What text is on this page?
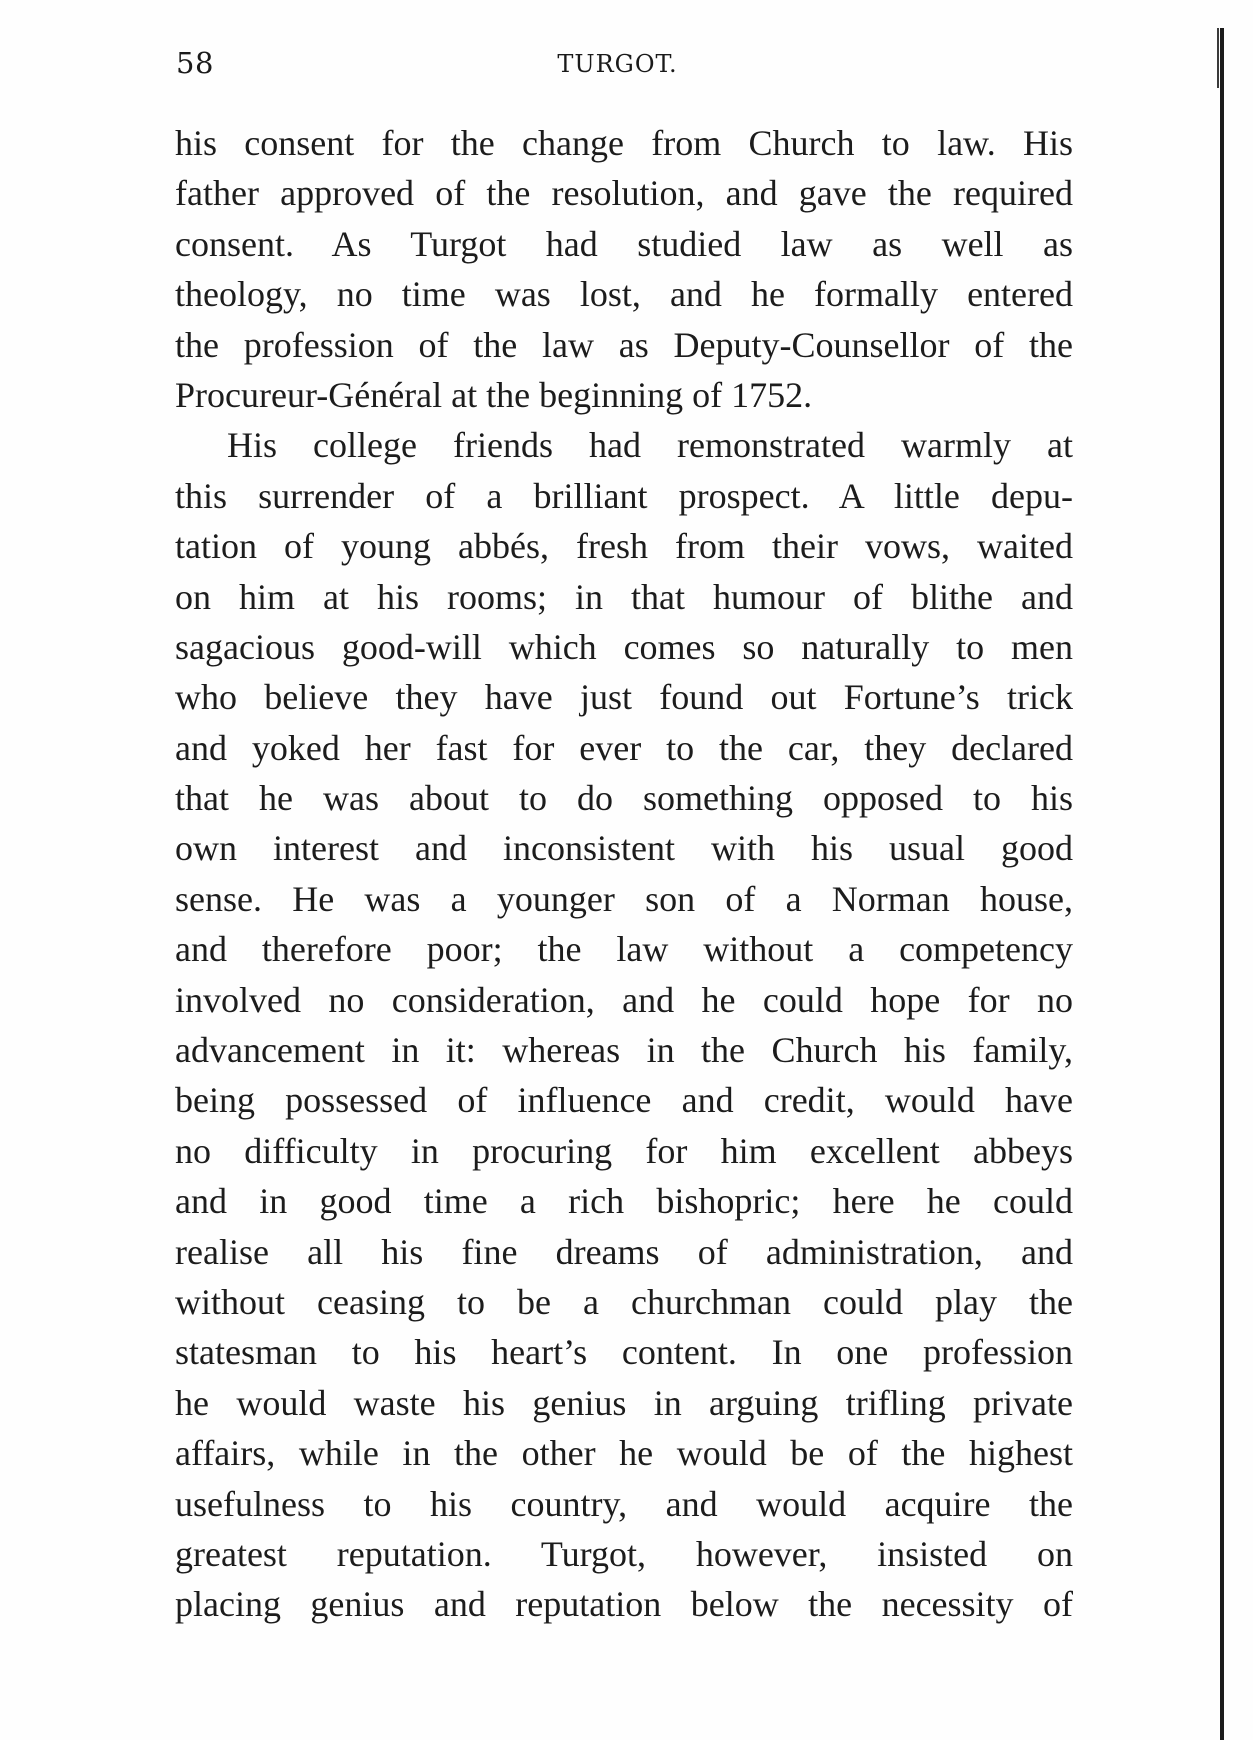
58	TURGOT.
his consent for the change from Church to law. His
father approved of the resolution, and gave the required
consent. As Turgot had studied law as well as
theology, no time was lost, and he formally entered
the profession of the law as Deputy-Counsellor of the
Procureur-Général at the beginning of 1752.
His college friends had remonstrated warmly at
this surrender of a brilliant prospect. A little depu-
tation of young abbés, fresh from their vows, waited
on him at his rooms; in that humour of blithe and
sagacious good-will which comes so naturally to men
who believe they have just found out Fortune’s trick
and yoked her fast for ever to the car, they declared
that he was about to do something opposed to his
own interest and inconsistent with his usual good
sense. He was a younger son of a Norman house,
and therefore poor; the law without a competency
involved no consideration, and he could hope for no
advancement in it: whereas in the Church his family,
being possessed of influence and credit, would have
no difficulty in procuring for him excellent abbeys
and in good time a rich bishopric; here he could
realise all his fine dreams of administration, and
without ceasing to be a churchman could play the
statesman to his heart’s content. In one profession
he would waste his genius in arguing trifling private
affairs, while in the other he would be of the highest
usefulness to his country, and would acquire the
greatest reputation. Turgot, however, insisted on
placing genius and reputation below the necessity of
